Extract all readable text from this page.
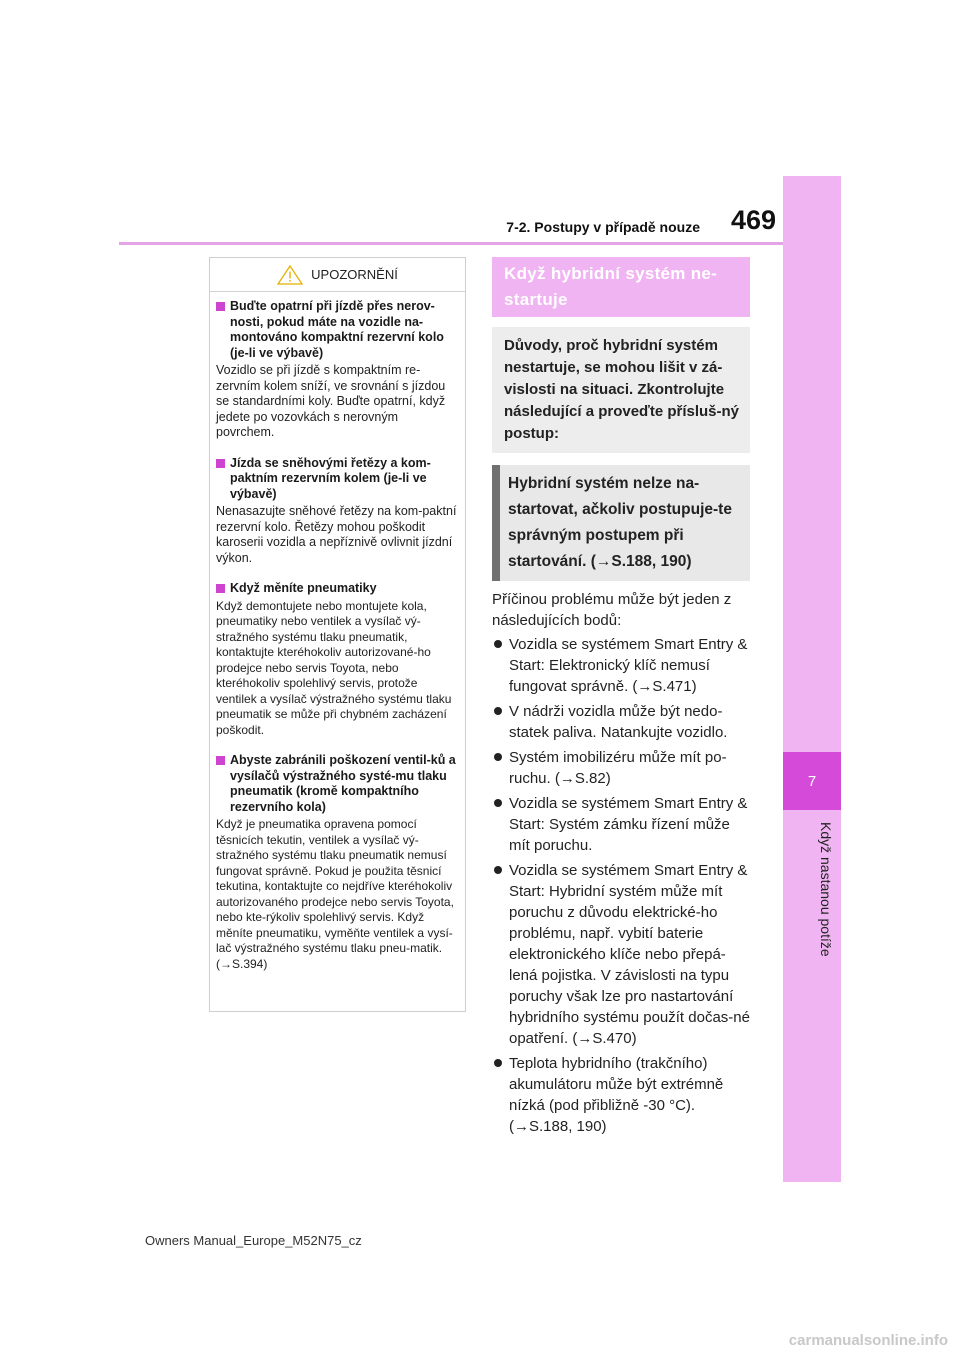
7
Když nastanou potíže
469
7-2. Postupy v případě nouze
UPOZORNĚNÍ
Buďte opatrní při jízdě přes nerov-nosti, pokud máte na vozidle na-montováno kompaktní rezervní kolo (je-li ve výbavě)
Vozidlo se při jízdě s kompaktním re-zervním kolem sníží, ve srovnání s jízdou se standardními koly. Buďte opatrní, když jedete po vozovkách s nerovným povrchem.
Jízda se sněhovými řetězy a kom-paktním rezervním kolem (je-li ve výbavě)
Nenasazujte sněhové řetězy na kom-paktní rezervní kolo. Řetězy mohou poškodit karoserii vozidla a nepříznivě ovlivnit jízdní výkon.
Když měníte pneumatiky
Když demontujete nebo montujete kola, pneumatiky nebo ventilek a vysílač vý-stražného systému tlaku pneumatik, kontaktujte kteréhokoliv autorizované-ho prodejce nebo servis Toyota, nebo kteréhokoliv spolehlivý servis, protože ventilek a vysílač výstražného systému tlaku pneumatik se může při chybném zacházení poškodit.
Abyste zabránili poškození ventil-ků a vysílačů výstražného systé-mu tlaku pneumatik (kromě kompaktního rezervního kola)
Když je pneumatika opravena pomocí těsnicích tekutin, ventilek a vysílač vý-stražného systému tlaku pneumatik nemusí fungovat správně. Pokud je použita těsnicí tekutina, kontaktujte co nejdříve kteréhokoliv autorizovaného prodejce nebo servis Toyota, nebo kte-rýkoliv spolehlivý servis. Když měníte pneumatiku, vyměňte ventilek a vysí-lač výstražného systému tlaku pneu-matik. (→S.394)
Když hybridní systém ne-startuje
Důvody, proč hybridní systém nestartuje, se mohou lišit v zá-vislosti na situaci. Zkontrolujte následující a proveďte přísluš-ný postup:
Hybridní systém nelze na-startovat, ačkoliv postupuje-te správným postupem při startování. (→S.188, 190)
Příčinou problému může být jeden z následujících bodů:
Vozidla se systémem Smart Entry & Start: Elektronický klíč nemusí fungovat správně. (→S.471)
V nádrži vozidla může být nedo-statek paliva. Natankujte vozidlo.
Systém imobilizéru může mít po-ruchu. (→S.82)
Vozidla se systémem Smart Entry & Start: Systém zámku řízení může mít poruchu.
Vozidla se systémem Smart Entry & Start: Hybridní systém může mít poruchu z důvodu elektrické-ho problému, např. vybití baterie elektronického klíče nebo přepá-lená pojistka. V závislosti na typu poruchy však lze pro nastartování hybridního systému použít dočas-né opatření. (→S.470)
Teplota hybridního (trakčního) akumulátoru může být extrémně nízká (pod přibližně -30 °C). (→S.188, 190)
Owners Manual_Europe_M52N75_cz
carmanualsonline.info
